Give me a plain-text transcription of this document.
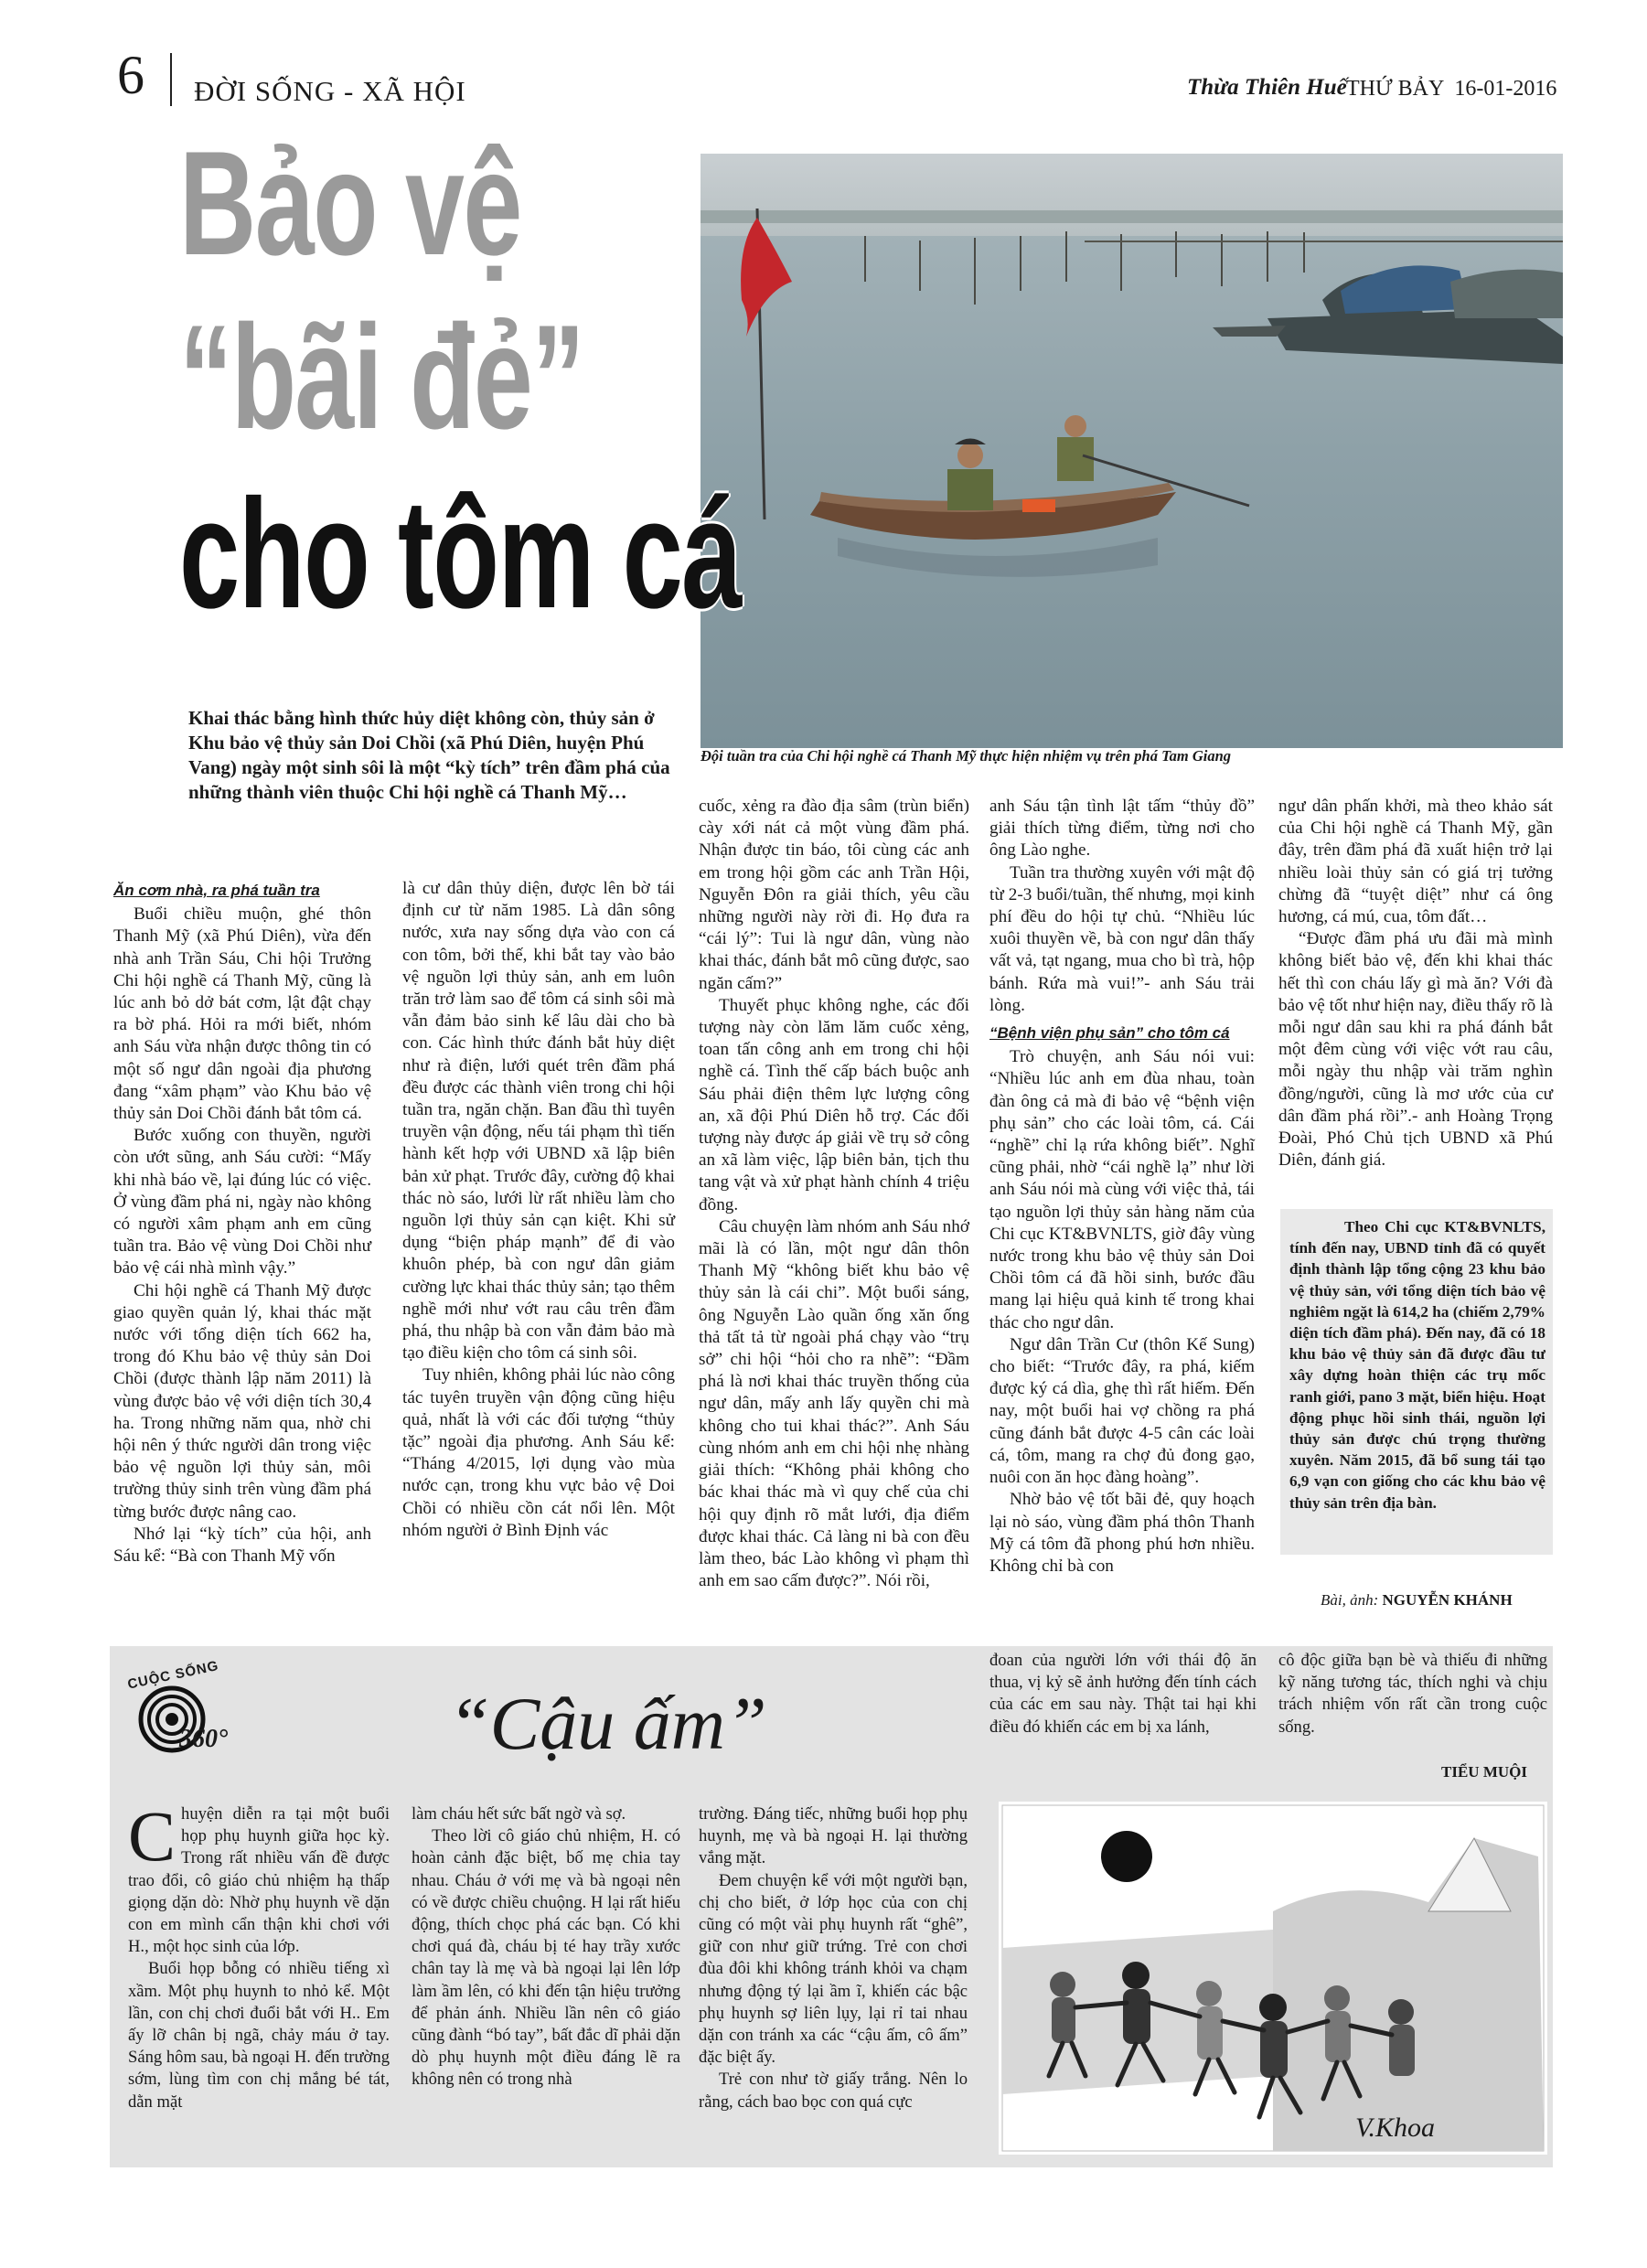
6 ĐỜI SỐNG - XÃ HỘI	Thừa Thiên Huế THỨ BẢY  16-01-2016
Bảo vệ
“bãi đẻ”
cho tôm cá
Khai thác bằng hình thức hủy diệt không còn, thủy sản ở Khu bảo vệ thủy sản Doi Chồi (xã Phú Diên, huyện Phú Vang) ngày một sinh sôi là một “kỳ tích” trên đầm phá của những thành viên thuộc Chi hội nghề cá Thanh Mỹ…
Đội tuần tra của Chi hội nghề cá Thanh Mỹ thực hiện nhiệm vụ trên phá Tam Giang
Ăn cơm nhà, ra phá tuần tra

Buổi chiều muộn, ghé thôn Thanh Mỹ (xã Phú Diên), vừa đến nhà anh Trần Sáu, Chi hội Trưởng Chi hội nghề cá Thanh Mỹ, cũng là lúc anh bỏ dở bát cơm, lật đật chạy ra bờ phá. Hỏi ra mới biết, nhóm anh Sáu vừa nhận được thông tin có một số ngư dân ngoài địa phương đang “xâm phạm” vào Khu bảo vệ thủy sản Doi Chồi đánh bắt tôm cá.

Bước xuống con thuyền, người còn ướt sũng, anh Sáu cười: “Mấy khi nhà báo về, lại đúng lúc có việc. Ở vùng đầm phá ni, ngày nào không có người xâm phạm anh em cũng tuần tra. Bảo vệ vùng Doi Chồi như bảo vệ cái nhà mình vậy.”

Chi hội nghề cá Thanh Mỹ được giao quyền quản lý, khai thác mặt nước với tổng diện tích 662 ha, trong đó Khu bảo vệ thủy sản Doi Chồi (được thành lập năm 2011) là vùng được bảo vệ với diện tích 30,4 ha. Trong những năm qua, nhờ chi hội nên ý thức người dân trong việc bảo vệ nguồn lợi thủy sản, môi trường thủy sinh trên vùng đầm phá từng bước được nâng cao.

Nhớ lại “kỳ tích” của hội, anh Sáu kể: “Bà con Thanh Mỹ vốn

là cư dân thủy diện, được lên bờ tái định cư từ năm 1985. Là dân sông nước, xưa nay sống dựa vào con cá con tôm, bởi thế, khi bắt tay vào bảo vệ nguồn lợi thủy sản, anh em luôn trăn trở làm sao để tôm cá sinh sôi mà vẫn đảm bảo sinh kế lâu dài cho bà con. Các hình thức đánh bắt hủy diệt như rà điện, lưới quét trên đầm phá đều được các thành viên trong chi hội tuần tra, ngăn chặn. Ban đầu thì tuyên truyền vận động, nếu tái phạm thì tiến hành kết hợp với UBND xã lập biên bản xử phạt. Trước đây, cường độ khai thác nò sáo, lưới lừ rất nhiều làm cho nguồn lợi thủy sản cạn kiệt. Khi sử dụng “biện pháp mạnh” để đi vào khuôn phép, bà con ngư dân giảm cường lực khai thác thủy sản; tạo thêm nghề mới như vớt rau câu trên đầm phá, thu nhập bà con vẫn đảm bảo mà tạo điều kiện cho tôm cá sinh sôi.

Tuy nhiên, không phải lúc nào công tác tuyên truyền vận động cũng hiệu quả, nhất là với các đối tượng “thủy tặc” ngoài địa phương. Anh Sáu kể: “Tháng 4/2015, lợi dụng vào mùa nước cạn, trong khu vực bảo vệ Doi Chồi có nhiều cồn cát nổi lên. Một nhóm người ở Bình Định vác

cuốc, xẻng ra đào địa sâm (trùn biển) cày xới nát cả một vùng đầm phá. Nhận được tin báo, tôi cùng các anh em trong hội gồm các anh Trần Hội, Nguyễn Đôn ra giải thích, yêu cầu những người này rời đi. Họ đưa ra “cái lý”: Tui là ngư dân, vùng nào khai thác, đánh bắt mô cũng được, sao ngăn cấm?”

Thuyết phục không nghe, các đối tượng này còn lăm lăm cuốc xẻng, toan tấn công anh em trong chi hội nghề cá. Tình thế cấp bách buộc anh Sáu phải điện thêm lực lượng công an, xã đội Phú Diên hỗ trợ. Các đối tượng này được áp giải về trụ sở công an xã làm việc, lập biên bản, tịch thu tang vật và xử phạt hành chính 4 triệu đồng.

Câu chuyện làm nhóm anh Sáu nhớ mãi là có lần, một ngư dân thôn Thanh Mỹ “không biết khu bảo vệ thủy sản là cái chi”. Một buổi sáng, ông Nguyễn Lào quần ống xăn ống thả tất tả từ ngoài phá chạy vào “trụ sở” chi hội “hỏi cho ra nhẽ”: “Đầm phá là nơi khai thác truyền thống của ngư dân, mấy anh lấy quyền chi mà không cho tui khai thác?”. Anh Sáu cùng nhóm anh em chi hội nhẹ nhàng giải thích: “Không phải không cho bác khai thác mà vì quy chế của chi hội quy định rõ mắt lưới, địa điểm được khai thác. Cả làng ni bà con đều làm theo, bác Lào không vì phạm thì anh em sao cấm được?”. Nói rồi,

anh Sáu tận tình lật tấm “thủy đồ” giải thích từng điểm, từng nơi cho ông Lào nghe.

Tuần tra thường xuyên với mật độ từ 2-3 buổi/tuần, thế nhưng, mọi kinh phí đều do hội tự chủ. “Nhiều lúc xuôi thuyền về, bà con ngư dân thấy vất vả, tạt ngang, mua cho bì trà, hộp bánh. Rứa mà vui!”- anh Sáu trải lòng.

“Bệnh viện phụ sản” cho tôm cá

Trò chuyện, anh Sáu nói vui: “Nhiều lúc anh em đùa nhau, toàn đàn ông cả mà đi bảo vệ “bệnh viện phụ sản” cho các loài tôm, cá. Cái “nghề” chỉ lạ rứa không biết”. Nghĩ cũng phải, nhờ “cái nghề lạ” như lời anh Sáu nói mà cùng với việc thả, tái tạo nguồn lợi thủy sản hàng năm của Chi cục KT&BVNLTS, giờ đây vùng nước trong khu bảo vệ thủy sản Doi Chồi tôm cá đã hồi sinh, bước đầu mang lại hiệu quả kinh tế trong khai thác cho ngư dân.

Ngư dân Trần Cư (thôn Kế Sung) cho biết: “Trước đây, ra phá, kiếm được ký cá dìa, ghẹ thì rất hiếm. Đến nay, một buổi hai vợ chồng ra phá cũng đánh bắt được 4-5 cân các loài cá, tôm, mang ra chợ đủ đong gạo, nuôi con ăn học đàng hoàng”.

Nhờ bảo vệ tốt bãi đẻ, quy hoạch lại nò sáo, vùng đầm phá thôn Thanh Mỹ cá tôm đã phong phú hơn nhiều. Không chỉ bà con

ngư dân phấn khởi, mà theo khảo sát của Chi hội nghề cá Thanh Mỹ, gần đây, trên đầm phá đã xuất hiện trở lại nhiều loài thủy sản có giá trị tưởng chừng đã “tuyệt diệt” như cá ông hương, cá mú, cua, tôm đất…

“Được đầm phá ưu đãi mà mình không biết bảo vệ, đến khi khai thác hết thì con cháu lấy gì mà ăn? Với đà bảo vệ tốt như hiện nay, điều thấy rõ là mỗi ngư dân sau khi ra phá đánh bắt một đêm cùng với việc vớt rau câu, mỗi ngày thu nhập vài trăm nghìn đồng/người, cũng là mơ ước của cư dân đầm phá rồi”.- anh Hoàng Trọng Đoài, Phó Chủ tịch UBND xã Phú Diên, đánh giá.

Theo Chi cục KT&BVNLTS, tính đến nay, UBND tỉnh đã có quyết định thành lập tổng cộng 23 khu bảo vệ thủy sản, với tổng diện tích bảo vệ nghiêm ngặt là 614,2 ha (chiếm 2,79% diện tích đầm phá). Đến nay, đã có 18 khu bảo vệ thủy sản đã được đầu tư xây dựng hoàn thiện các trụ mốc ranh giới, pano 3 mặt, biển hiệu. Hoạt động phục hồi sinh thái, nguồn lợi thủy sản được chú trọng thường xuyên. Năm 2015, đã bổ sung tái tạo 6,9 vạn con giống cho các khu bảo vệ thủy sản trên địa bàn.
Bài, ảnh: NGUYỄN KHÁNH
CUỘC SỐNG
360°	“Cậu ấm”
C huyện diễn ra tại một buổi họp phụ huynh giữa học kỳ. Trong rất nhiều vấn đề được trao đổi, cô giáo chủ nhiệm hạ thấp giọng dặn dò: Nhờ phụ huynh về dặn con em mình cẩn thận khi chơi với H., một học sinh của lớp.

Buổi họp bỗng có nhiều tiếng xì xầm. Một phụ huynh to nhỏ kể. Một lần, con chị chơi đuổi bắt với H.. Em ấy lỡ chân bị ngã, chảy máu ở tay. Sáng hôm sau, bà ngoại H. đến trường sớm, lùng tìm con chị mắng bé tát, dằn mặt

làm cháu hết sức bất ngờ và sợ.

Theo lời cô giáo chủ nhiệm, H. có hoàn cảnh đặc biệt, bố mẹ chia tay nhau. Cháu ở với mẹ và bà ngoại nên có về được chiều chuộng. H lại rất hiếu động, thích chọc phá các bạn. Có khi chơi quá đà, cháu bị té hay trầy xước chân tay là mẹ và bà ngoại lại lên lớp làm ầm lên, có khi đến tận hiệu trưởng để phản ánh. Nhiều lần nên cô giáo cũng đành “bó tay”, bất đắc dĩ phải dặn dò phụ huynh một điều đáng lẽ ra không nên có trong nhà

trường. Đáng tiếc, những buổi họp phụ huynh, mẹ và bà ngoại H. lại thường vắng mặt.

Đem chuyện kể với một người bạn, chị cho biết, ở lớp học của con chị cũng có một vài phụ huynh rất “ghê”, giữ con như giữ trứng. Trẻ con chơi đùa đôi khi không tránh khỏi va chạm nhưng động tý lại ầm ĩ, khiến các bậc phụ huynh sợ liên lụy, lại rỉ tai nhau dặn con tránh xa các “cậu ấm, cô ấm” đặc biệt ấy.

Trẻ con như tờ giấy trắng. Nên lo rằng, cách bao bọc con quá cực

đoan của người lớn với thái độ ăn thua, vị kỷ sẽ ảnh hưởng đến tính cách của các em sau này. Thật tai hại khi điều đó khiến các em bị xa lánh,

cô độc giữa bạn bè và thiếu đi những kỹ năng tương tác, thích nghi và chịu trách nhiệm vốn rất cần trong cuộc sống.

TIỂU MUỘI
V.Khoa
